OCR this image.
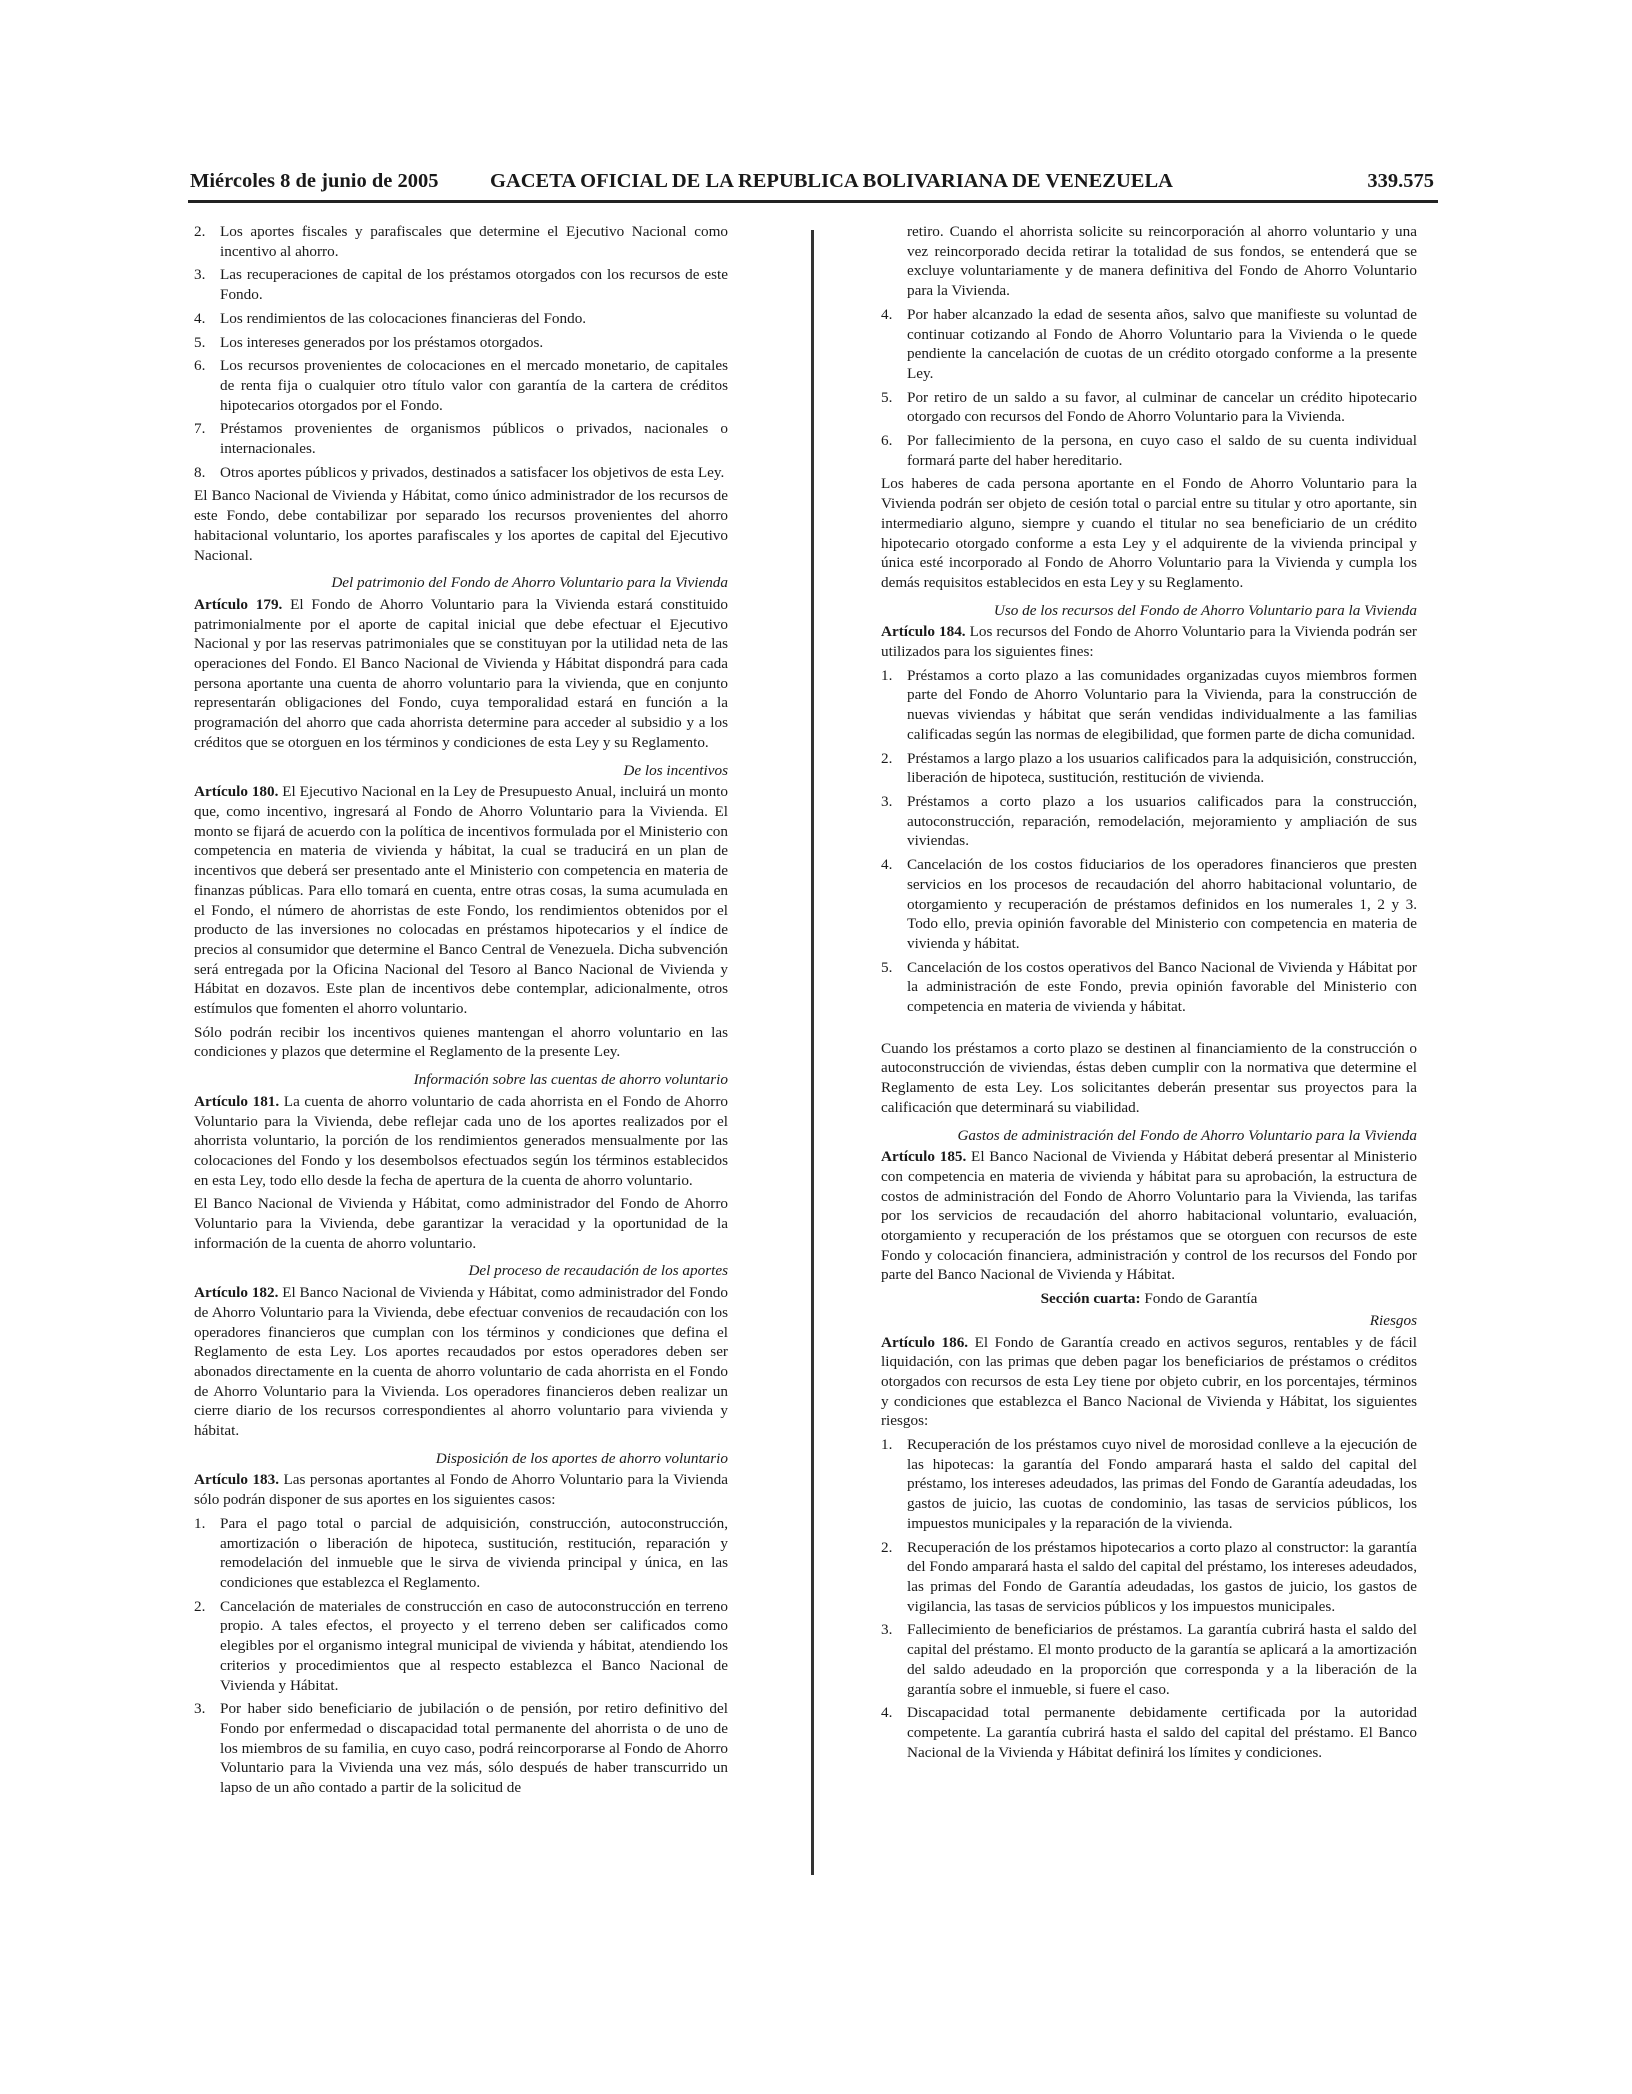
Miércoles 8 de junio de 2005	GACETA OFICIAL DE LA REPUBLICA BOLIVARIANA DE VENEZUELA	339.575
2. Los aportes fiscales y parafiscales que determine el Ejecutivo Nacional como incentivo al ahorro.
3. Las recuperaciones de capital de los préstamos otorgados con los recursos de este Fondo.
4. Los rendimientos de las colocaciones financieras del Fondo.
5. Los intereses generados por los préstamos otorgados.
6. Los recursos provenientes de colocaciones en el mercado monetario, de capitales de renta fija o cualquier otro título valor con garantía de la cartera de créditos hipotecarios otorgados por el Fondo.
7. Préstamos provenientes de organismos públicos o privados, nacionales o internacionales.
8. Otros aportes públicos y privados, destinados a satisfacer los objetivos de esta Ley.

El Banco Nacional de Vivienda y Hábitat, como único administrador de los recursos de este Fondo, debe contabilizar por separado los recursos provenientes del ahorro habitacional voluntario, los aportes parafiscales y los aportes de capital del Ejecutivo Nacional.

Del patrimonio del Fondo de Ahorro Voluntario para la Vivienda

Artículo 179. El Fondo de Ahorro Voluntario para la Vivienda estará constituido patrimonialmente por el aporte de capital inicial que debe efectuar el Ejecutivo Nacional y por las reservas patrimoniales que se constituyan por la utilidad neta de las operaciones del Fondo. El Banco Nacional de Vivienda y Hábitat dispondrá para cada persona aportante una cuenta de ahorro voluntario para la vivienda, que en conjunto representarán obligaciones del Fondo, cuya temporalidad estará en función a la programación del ahorro que cada ahorrista determine para acceder al subsidio y a los créditos que se otorguen en los términos y condiciones de esta Ley y su Reglamento.

De los incentivos

Artículo 180. El Ejecutivo Nacional en la Ley de Presupuesto Anual, incluirá un monto que, como incentivo, ingresará al Fondo de Ahorro Voluntario para la Vivienda. El monto se fijará de acuerdo con la política de incentivos formulada por el Ministerio con competencia en materia de vivienda y hábitat, la cual se traducirá en un plan de incentivos que deberá ser presentado ante el Ministerio con competencia en materia de finanzas públicas. Para ello tomará en cuenta, entre otras cosas, la suma acumulada en el Fondo, el número de ahorristas de este Fondo, los rendimientos obtenidos por el producto de las inversiones no colocadas en préstamos hipotecarios y el índice de precios al consumidor que determine el Banco Central de Venezuela. Dicha subvención será entregada por la Oficina Nacional del Tesoro al Banco Nacional de Vivienda y Hábitat en dozavos. Este plan de incentivos debe contemplar, adicionalmente, otros estímulos que fomenten el ahorro voluntario.

Sólo podrán recibir los incentivos quienes mantengan el ahorro voluntario en las condiciones y plazos que determine el Reglamento de la presente Ley.

Información sobre las cuentas de ahorro voluntario

Artículo 181. La cuenta de ahorro voluntario de cada ahorrista en el Fondo de Ahorro Voluntario para la Vivienda, debe reflejar cada uno de los aportes realizados por el ahorrista voluntario, la porción de los rendimientos generados mensualmente por las colocaciones del Fondo y los desembolsos efectuados según los términos establecidos en esta Ley, todo ello desde la fecha de apertura de la cuenta de ahorro voluntario.

El Banco Nacional de Vivienda y Hábitat, como administrador del Fondo de Ahorro Voluntario para la Vivienda, debe garantizar la veracidad y la oportunidad de la información de la cuenta de ahorro voluntario.

Del proceso de recaudación de los aportes

Artículo 182. El Banco Nacional de Vivienda y Hábitat, como administrador del Fondo de Ahorro Voluntario para la Vivienda, debe efectuar convenios de recaudación con los operadores financieros que cumplan con los términos y condiciones que defina el Reglamento de esta Ley. Los aportes recaudados por estos operadores deben ser abonados directamente en la cuenta de ahorro voluntario de cada ahorrista en el Fondo de Ahorro Voluntario para la Vivienda. Los operadores financieros deben realizar un cierre diario de los recursos correspondientes al ahorro voluntario para vivienda y hábitat.

Disposición de los aportes de ahorro voluntario

Artículo 183. Las personas aportantes al Fondo de Ahorro Voluntario para la Vivienda sólo podrán disponer de sus aportes en los siguientes casos:

1. Para el pago total o parcial de adquisición, construcción, autoconstrucción, amortización o liberación de hipoteca, sustitución, restitución, reparación y remodelación del inmueble que le sirva de vivienda principal y única, en las condiciones que establezca el Reglamento.
2. Cancelación de materiales de construcción en caso de autoconstrucción en terreno propio. A tales efectos, el proyecto y el terreno deben ser calificados como elegibles por el organismo integral municipal de vivienda y hábitat, atendiendo los criterios y procedimientos que al respecto establezca el Banco Nacional de Vivienda y Hábitat.
3. Por haber sido beneficiario de jubilación o de pensión, por retiro definitivo del Fondo por enfermedad o discapacidad total permanente del ahorrista o de uno de los miembros de su familia, en cuyo caso, podrá reincorporarse al Fondo de Ahorro Voluntario para la Vivienda una vez más, sólo después de haber transcurrido un lapso de un año contado a partir de la solicitud de

retiro. Cuando el ahorrista solicite su reincorporación al ahorro voluntario y una vez reincorporado decida retirar la totalidad de sus fondos, se entenderá que se excluye voluntariamente y de manera definitiva del Fondo de Ahorro Voluntario para la Vivienda.

4. Por haber alcanzado la edad de sesenta años, salvo que manifieste su voluntad de continuar cotizando al Fondo de Ahorro Voluntario para la Vivienda o le quede pendiente la cancelación de cuotas de un crédito otorgado conforme a la presente Ley.
5. Por retiro de un saldo a su favor, al culminar de cancelar un crédito hipotecario otorgado con recursos del Fondo de Ahorro Voluntario para la Vivienda.
6. Por fallecimiento de la persona, en cuyo caso el saldo de su cuenta individual formará parte del haber hereditario.

Los haberes de cada persona aportante en el Fondo de Ahorro Voluntario para la Vivienda podrán ser objeto de cesión total o parcial entre su titular y otro aportante, sin intermediario alguno, siempre y cuando el titular no sea beneficiario de un crédito hipotecario otorgado conforme a esta Ley y el adquirente de la vivienda principal y única esté incorporado al Fondo de Ahorro Voluntario para la Vivienda y cumpla los demás requisitos establecidos en esta Ley y su Reglamento.

Uso de los recursos del Fondo de Ahorro Voluntario para la Vivienda

Artículo 184. Los recursos del Fondo de Ahorro Voluntario para la Vivienda podrán ser utilizados para los siguientes fines:

1. Préstamos a corto plazo a las comunidades organizadas cuyos miembros formen parte del Fondo de Ahorro Voluntario para la Vivienda, para la construcción de nuevas viviendas y hábitat que serán vendidas individualmente a las familias calificadas según las normas de elegibilidad, que formen parte de dicha comunidad.
2. Préstamos a largo plazo a los usuarios calificados para la adquisición, construcción, liberación de hipoteca, sustitución, restitución de vivienda.
3. Préstamos a corto plazo a los usuarios calificados para la construcción, autoconstrucción, reparación, remodelación, mejoramiento y ampliación de sus viviendas.
4. Cancelación de los costos fiduciarios de los operadores financieros que presten servicios en los procesos de recaudación del ahorro habitacional voluntario, de otorgamiento y recuperación de préstamos definidos en los numerales 1, 2 y 3. Todo ello, previa opinión favorable del Ministerio con competencia en materia de vivienda y hábitat.
5. Cancelación de los costos operativos del Banco Nacional de Vivienda y Hábitat por la administración de este Fondo, previa opinión favorable del Ministerio con competencia en materia de vivienda y hábitat.

Cuando los préstamos a corto plazo se destinen al financiamiento de la construcción o autoconstrucción de viviendas, éstas deben cumplir con la normativa que determine el Reglamento de esta Ley. Los solicitantes deberán presentar sus proyectos para la calificación que determinará su viabilidad.

Gastos de administración del Fondo de Ahorro Voluntario para la Vivienda

Artículo 185. El Banco Nacional de Vivienda y Hábitat deberá presentar al Ministerio con competencia en materia de vivienda y hábitat para su aprobación, la estructura de costos de administración del Fondo de Ahorro Voluntario para la Vivienda, las tarifas por los servicios de recaudación del ahorro habitacional voluntario, evaluación, otorgamiento y recuperación de los préstamos que se otorguen con recursos de este Fondo y colocación financiera, administración y control de los recursos del Fondo por parte del Banco Nacional de Vivienda y Hábitat.

Sección cuarta: Fondo de Garantía
Riesgos

Artículo 186. El Fondo de Garantía creado en activos seguros, rentables y de fácil liquidación, con las primas que deben pagar los beneficiarios de préstamos o créditos otorgados con recursos de esta Ley tiene por objeto cubrir, en los porcentajes, términos y condiciones que establezca el Banco Nacional de Vivienda y Hábitat, los siguientes riesgos:

1. Recuperación de los préstamos cuyo nivel de morosidad conlleve a la ejecución de las hipotecas: la garantía del Fondo amparará hasta el saldo del capital del préstamo, los intereses adeudados, las primas del Fondo de Garantía adeudadas, los gastos de juicio, las cuotas de condominio, las tasas de servicios públicos, los impuestos municipales y la reparación de la vivienda.
2. Recuperación de los préstamos hipotecarios a corto plazo al constructor: la garantía del Fondo amparará hasta el saldo del capital del préstamo, los intereses adeudados, las primas del Fondo de Garantía adeudadas, los gastos de juicio, los gastos de vigilancia, las tasas de servicios públicos y los impuestos municipales.
3. Fallecimiento de beneficiarios de préstamos. La garantía cubrirá hasta el saldo del capital del préstamo. El monto producto de la garantía se aplicará a la amortización del saldo adeudado en la proporción que corresponda y a la liberación de la garantía sobre el inmueble, si fuere el caso.
4. Discapacidad total permanente debidamente certificada por la autoridad competente. La garantía cubrirá hasta el saldo del capital del préstamo. El Banco Nacional de la Vivienda y Hábitat definirá los límites y condiciones.
